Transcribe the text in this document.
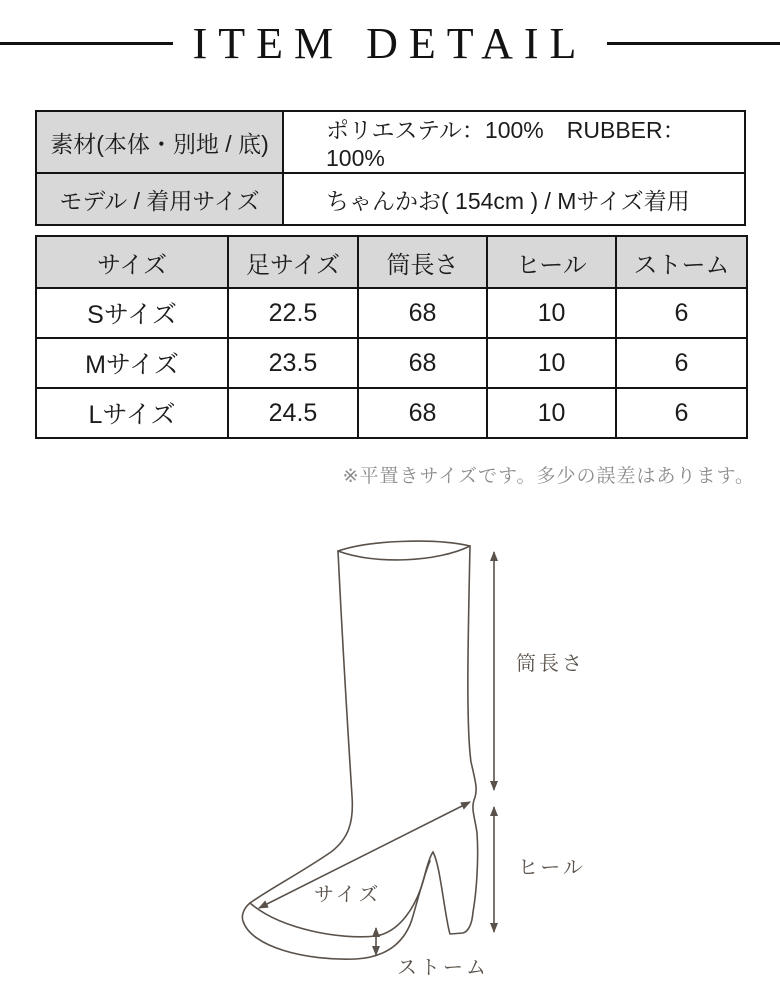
ITEM DETAIL
素材(本体・別地 / 底)	ポリエステル：100%　RUBBER：100%
モデル / 着用サイズ	ちゃんかお( 154cm ) / Mサイズ着用
サイズ	足サイズ	筒長さ	ヒール	ストーム
Sサイズ	22.5	68	10	6
Mサイズ	23.5	68	10	6
Lサイズ	24.5	68	10	6
※平置きサイズです。多少の誤差はあります。
筒長さ
ヒール
サイズ
ストーム
